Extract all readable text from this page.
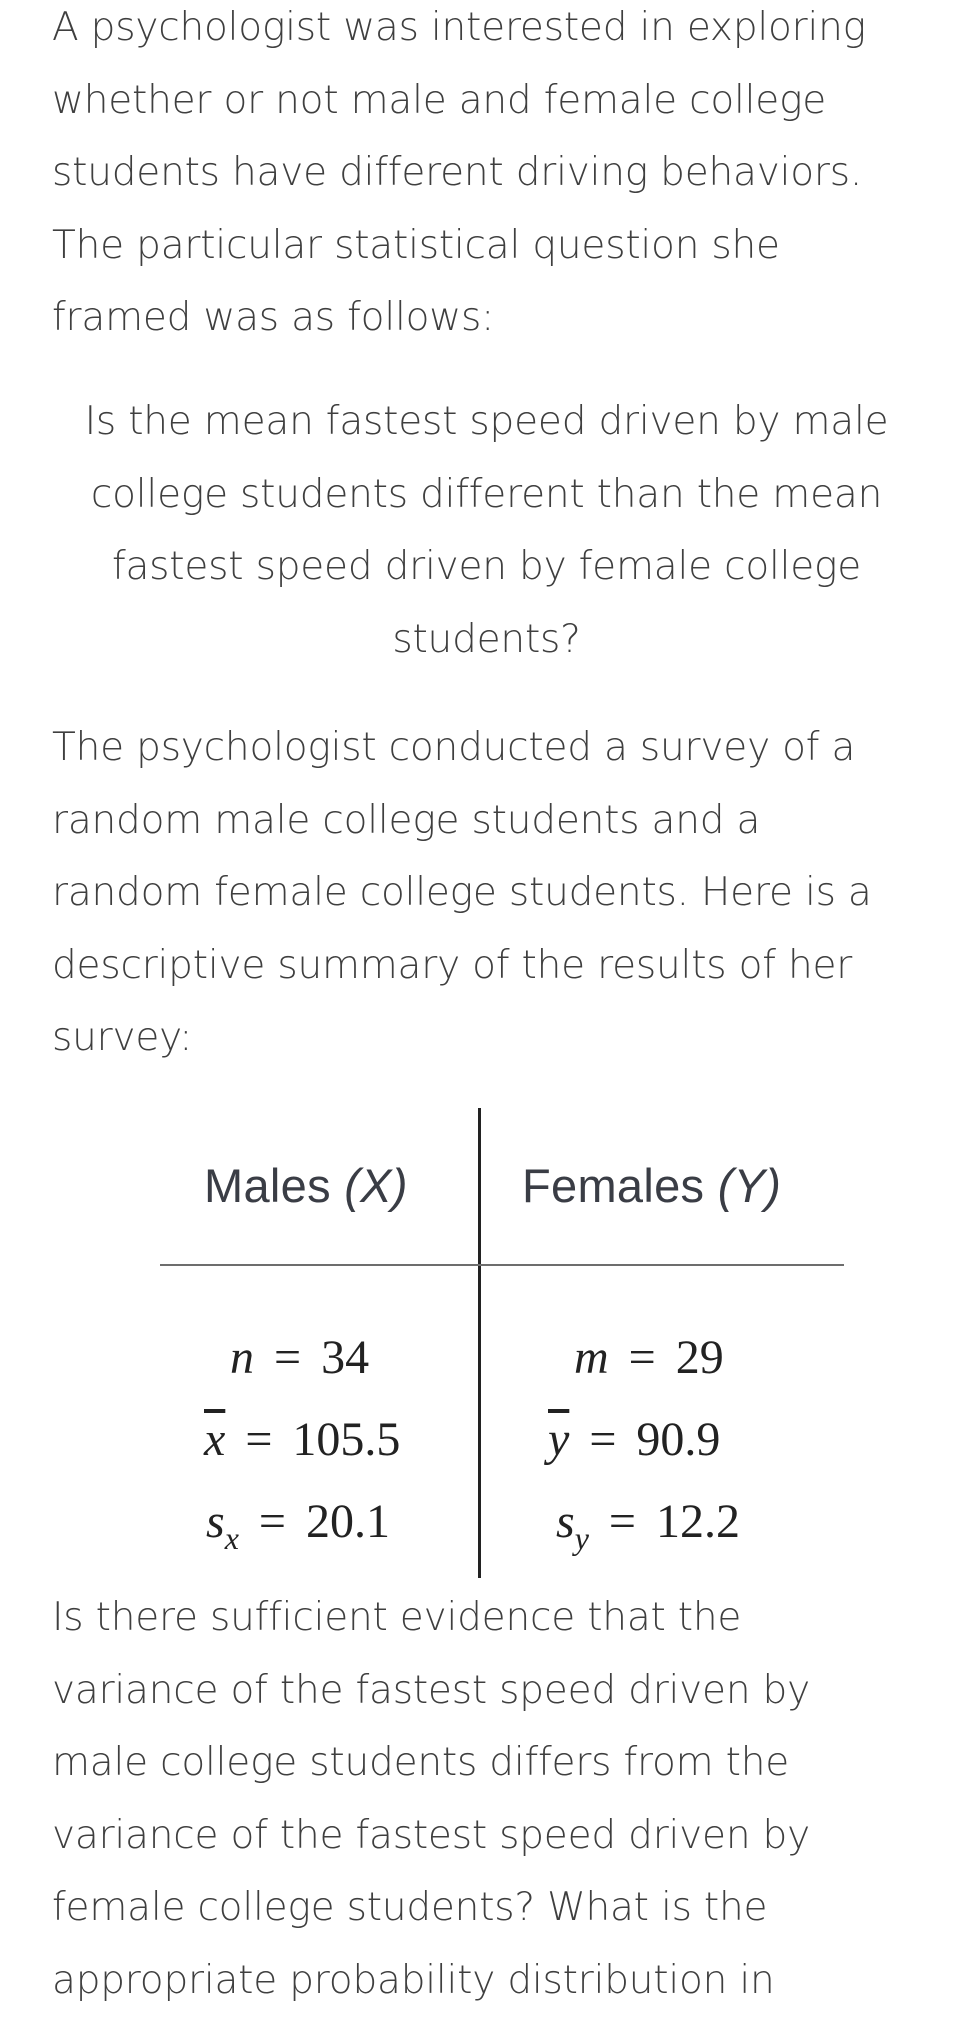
A psychologist was interested in exploring
whether or not male and female college
students have different driving behaviors.
The particular statistical question she
framed was as follows:

Is the mean fastest speed driven by male
college students different than the mean
fastest speed driven by female college
students?

The psychologist conducted a survey of a
random male college students and a
random female college students. Here is a
descriptive summary of the results of her
survey:

Males (X) Females (Y)
n = 34
$\overline{x} = 105.5$
$s_x = 20.1$
m = 29
$\overline{y} = 90.9$
$s_y = 12.2$

Is there sufficient evidence that the
variance of the fastest speed driven by
male college students differs from the
variance of the fastest speed driven by
female college students? What is the
appropriate probability distribution in
